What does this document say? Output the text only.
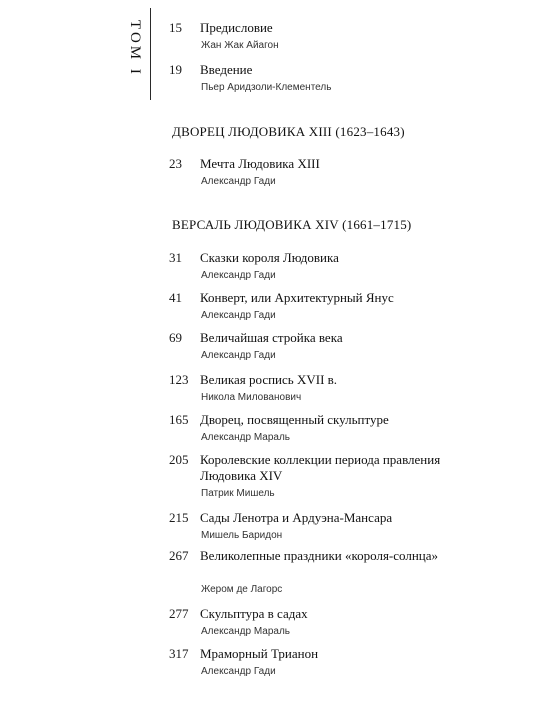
ТОМ I 15 Предисловие
Жан Жак Айагон
19 Введение
Пьер Аридзоли-Клементель
ДВОРЕЦ ЛЮДОВИКА XIII (1623–1643)
23 Мечта Людовика XIII
Александр Гади
ВЕРСАЛЬ ЛЮДОВИКА XIV (1661–1715)
31 Сказки короля Людовика
Александр Гади
41 Конверт, или Архитектурный Янус
Александр Гади
69 Величайшая стройка века
Александр Гади
123 Великая роспись XVII в.
Никола Милованович
165 Дворец, посвященный скульптуре
Александр Мараль
205 Королевские коллекции периода правления Людовика XIV
Патрик Мишель
215 Сады Ленотра и Ардуэна-Мансара
Мишель Баридон
267 Великолепные праздники «короля-солнца»
Жером де Лагорс
277 Скульптура в садах
Александр Мараль
317 Мраморный Трианон
Александр Гади
